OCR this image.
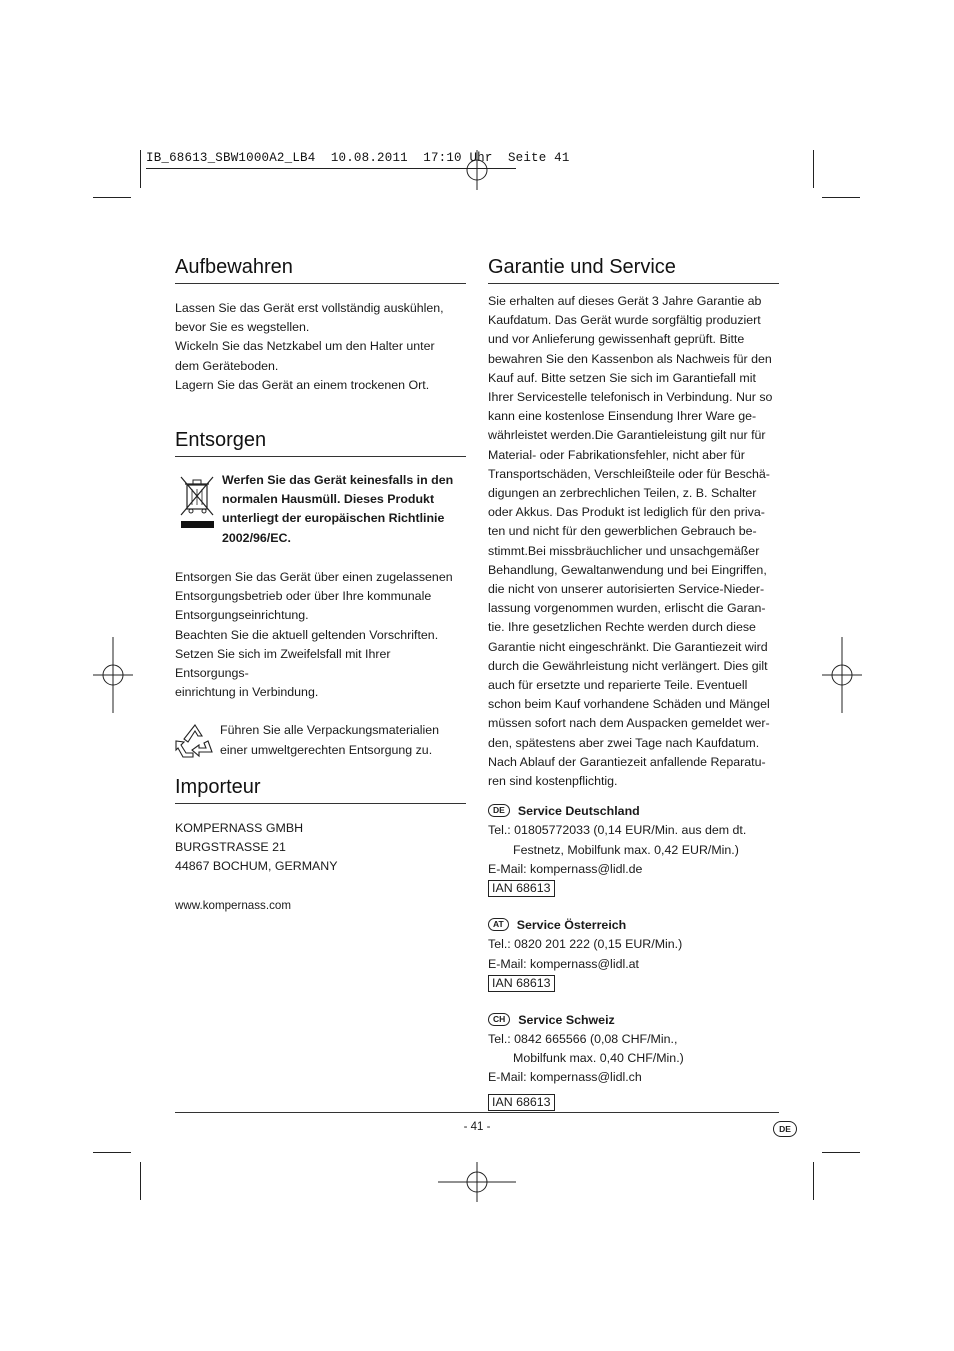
IB_68613_SBW1000A2_LB4  10.08.2011  17:10 Uhr  Seite 41
Aufbewahren

Lassen Sie das Gerät erst vollständig auskühlen,

bevor Sie es wegstellen.

Wickeln Sie das Netzkabel um den Halter unter

dem Geräteboden.

Lagern Sie das Gerät an einem trockenen Ort.

Entsorgen

Werfen Sie das Gerät keinesfalls in den

normalen Hausmüll. Dieses Produkt

unterliegt der europäischen Richtlinie

2002/96/EC.

Entsorgen Sie das Gerät über einen zugelassenen

Entsorgungsbetrieb oder über Ihre kommunale

Entsorgungseinrichtung.

Beachten Sie die aktuell geltenden Vorschriften.

Setzen Sie sich im Zweifelsfall mit Ihrer Entsorgungs-

einrichtung in Verbindung.

Führen Sie alle Verpackungsmaterialien

einer umweltgerechten Entsorgung zu.

Importeur

KOMPERNASS GMBH

BURGSTRASSE 21

44867 BOCHUM, GERMANY

www.kompernass.com

Garantie und Service

Sie erhalten auf dieses Gerät 3 Jahre Garantie ab

Kaufdatum. Das Gerät wurde sorgfältig produziert

und vor Anlieferung gewissenhaft geprüft. Bitte

bewahren Sie den Kassenbon als Nachweis für den

Kauf auf. Bitte setzen Sie sich im Garantiefall mit

Ihrer Servicestelle telefonisch in Verbindung. Nur so

kann eine kostenlose Einsendung Ihrer Ware ge-

währleistet werden.Die Garantieleistung gilt nur für

Material- oder Fabrikationsfehler, nicht aber für

Transportschäden, Verschleißteile oder für Beschä-

digungen an zerbrechlichen Teilen, z. B. Schalter

oder Akkus. Das Produkt ist lediglich für den priva-

ten und nicht für den gewerblichen Gebrauch be-

stimmt.Bei missbräuchlicher und unsachgemäßer

Behandlung, Gewaltanwendung und bei Eingriffen,

die nicht von unserer autorisierten Service-Nieder-

lassung vorgenommen wurden, erlischt die Garan-

tie. Ihre gesetzlichen Rechte werden durch diese

Garantie nicht eingeschränkt. Die Garantiezeit wird

durch die Gewährleistung nicht verlängert. Dies gilt

auch für ersetzte und reparierte Teile. Eventuell

schon beim Kauf vorhandene Schäden und Mängel

müssen sofort nach dem Auspacken gemeldet wer-

den, spätestens aber zwei Tage nach Kaufdatum.

Nach Ablauf der Garantiezeit anfallende Reparatu-

ren sind kostenpflichtig.

DE Service Deutschland

Tel.: 01805772033 (0,14 EUR/Min. aus dem dt.

Festnetz, Mobilfunk max. 0,42 EUR/Min.)

E-Mail: kompernass@lidl.de

IAN 68613

AT Service Österreich

Tel.: 0820 201 222 (0,15 EUR/Min.)

E-Mail: kompernass@lidl.at

IAN 68613

CH Service Schweiz

Tel.: 0842 665566 (0,08 CHF/Min.,

Mobilfunk max. 0,40 CHF/Min.)

E-Mail: kompernass@lidl.ch

IAN 68613
- 41 -	DE
